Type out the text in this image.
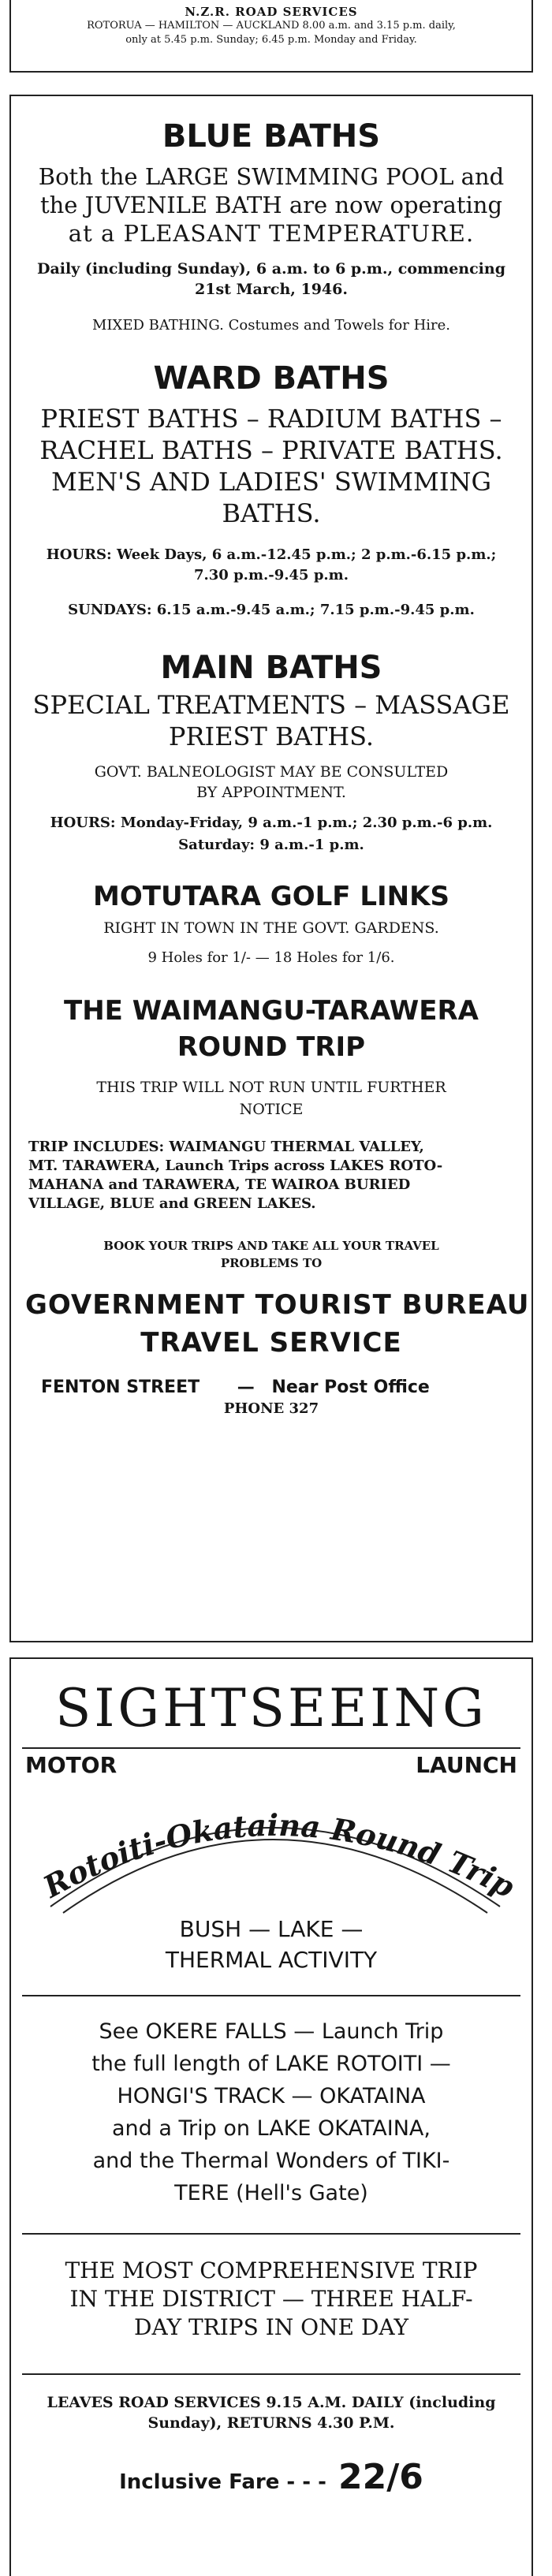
N.Z.R. ROAD SERVICES
ROTORUA — HAMILTON — AUCKLAND 8.00 a.m. and 3.15 p.m. daily,
only at 5.45 p.m. Sunday; 6.45 p.m. Monday and Friday.
BLUE BATHS
Both the LARGE SWIMMING POOL and
the JUVENILE BATH are now operating
at a PLEASANT TEMPERATURE.
Daily (including Sunday), 6 a.m. to 6 p.m., commencing
21st March, 1946.
MIXED BATHING. Costumes and Towels for Hire.
WARD BATHS
PRIEST BATHS – RADIUM BATHS –
RACHEL BATHS – PRIVATE BATHS.
MEN'S AND LADIES' SWIMMING
BATHS.
HOURS: Week Days, 6 a.m.-12.45 p.m.; 2 p.m.-6.15 p.m.;
7.30 p.m.-9.45 p.m.
SUNDAYS: 6.15 a.m.-9.45 a.m.; 7.15 p.m.-9.45 p.m.
MAIN BATHS
SPECIAL TREATMENTS – MASSAGE
PRIEST BATHS.
GOVT. BALNEOLOGIST MAY BE CONSULTED
BY APPOINTMENT.
HOURS: Monday-Friday, 9 a.m.-1 p.m.; 2.30 p.m.-6 p.m.
Saturday: 9 a.m.-1 p.m.
MOTUTARA GOLF LINKS
RIGHT IN TOWN IN THE GOVT. GARDENS.
9 Holes for 1/- — 18 Holes for 1/6.
THE WAIMANGU-TARAWERA
ROUND TRIP
THIS TRIP WILL NOT RUN UNTIL FURTHER
NOTICE
TRIP INCLUDES: WAIMANGU THERMAL VALLEY,
MT. TARAWERA, Launch Trips across LAKES ROTO-
MAHANA and TARAWERA, TE WAIROA BURIED
VILLAGE, BLUE and GREEN LAKES.
BOOK YOUR TRIPS AND TAKE ALL YOUR TRAVEL
PROBLEMS TO
GOVERNMENT TOURIST BUREAU
TRAVEL SERVICE
FENTON STREET — Near Post Office
PHONE 327
SIGHTSEEING
MOTOR	LAUNCH
Rotoiti-Okataina Round Trip
BUSH — LAKE —
THERMAL ACTIVITY
See OKERE FALLS — Launch Trip
the full length of LAKE ROTOITI —
HONGI'S TRACK — OKATAINA
and a Trip on LAKE OKATAINA,
and the Thermal Wonders of TIKI-
TERE (Hell's Gate)
THE MOST COMPREHENSIVE TRIP
IN THE DISTRICT — THREE HALF-
DAY TRIPS IN ONE DAY
LEAVES ROAD SERVICES 9.15 A.M. DAILY (including
Sunday), RETURNS 4.30 P.M.
Inclusive Fare - - - 22/6
